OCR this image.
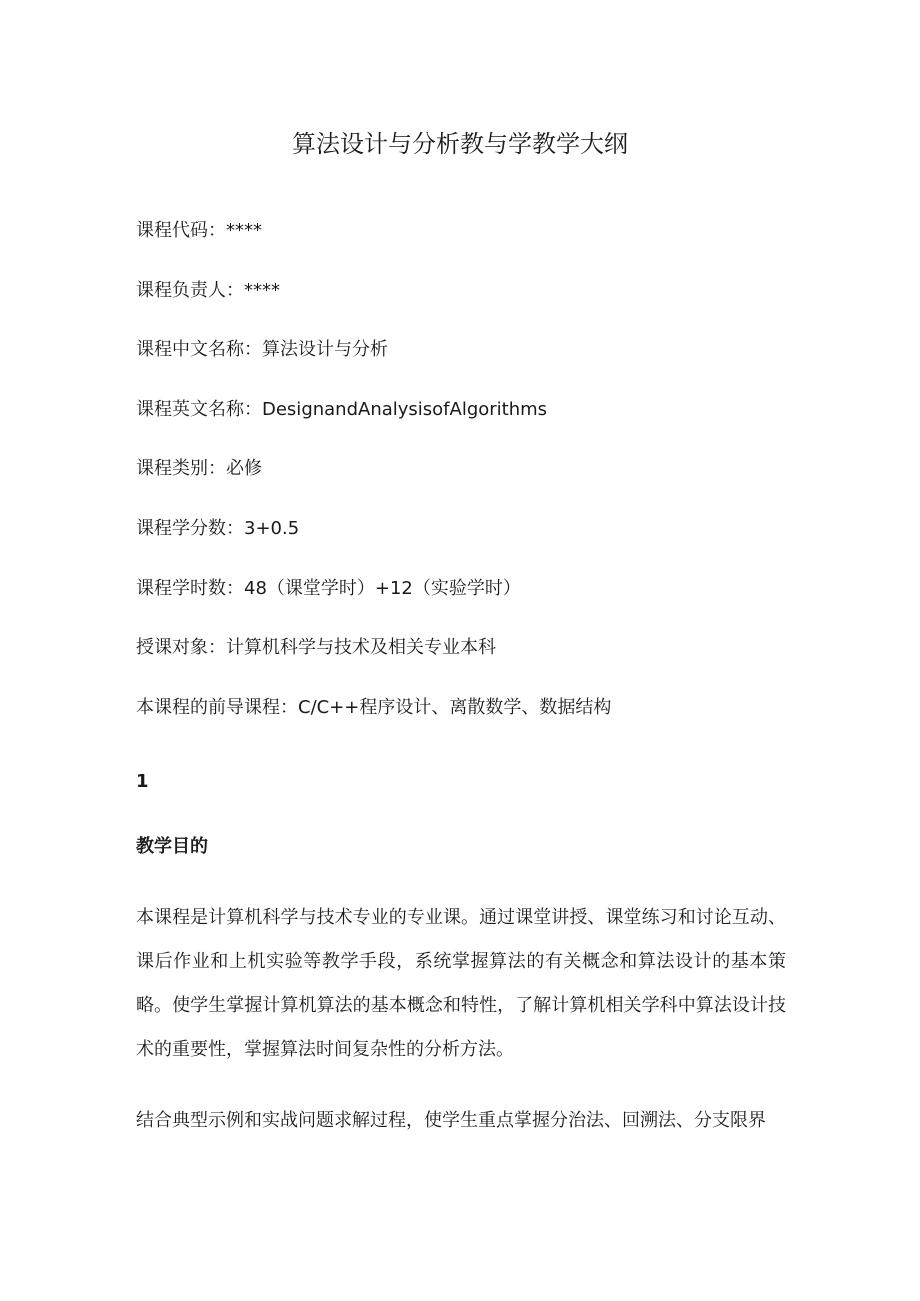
算法设计与分析教与学教学大纲
课程代码：****
课程负责人：****
课程中文名称：算法设计与分析
课程英文名称：DesignandAnalysisofAlgorithms
课程类别：必修
课程学分数：3+0.5
课程学时数：48（课堂学时）+12（实验学时）
授课对象：计算机科学与技术及相关专业本科
本课程的前导课程：C/C++程序设计、离散数学、数据结构
1
教学目的
本课程是计算机科学与技术专业的专业课。通过课堂讲授、课堂练习和讨论互动、课后作业和上机实验等教学手段，系统掌握算法的有关概念和算法设计的基本策略。使学生掌握计算机算法的基本概念和特性，了解计算机相关学科中算法设计技术的重要性，掌握算法时间复杂性的分析方法。
结合典型示例和实战问题求解过程，使学生重点掌握分治法、回溯法、分支限界
